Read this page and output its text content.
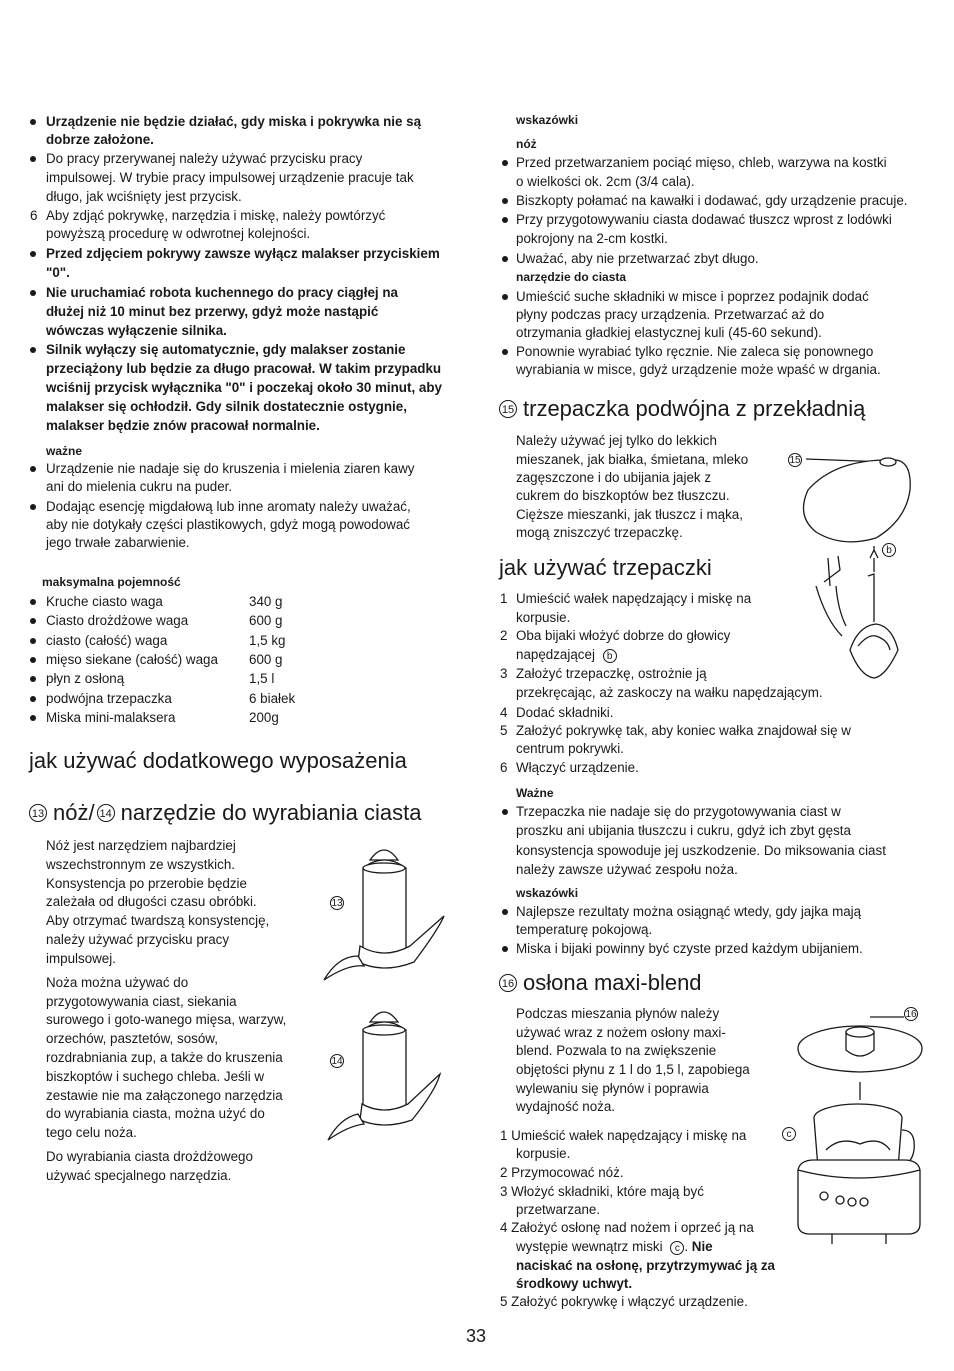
Urządzenie nie będzie działać, gdy miska i pokrywka nie są
dobrze założone.
Do pracy przerywanej należy używać przycisku pracy
impulsowej. W trybie pracy impulsowej urządzenie pracuje tak
długo, jak wciśnięty jest przycisk.
6 Aby zdjąć pokrywkę, narzędzia i miskę, należy powtórzyć
powyższą procedurę w odwrotnej kolejności.
Przed zdjęciem pokrywy zawsze wyłącz malakser przyciskiem
"0".
Nie uruchamiać robota kuchennego do pracy ciągłej na
dłużej niż 10 minut bez przerwy, gdyż może nastąpić
wówczas wyłączenie silnika.
Silnik wyłączy się automatycznie, gdy malakser zostanie
przeciążony lub będzie za długo pracował. W takim przypadku
wciśnij przycisk wyłącznika "0" i poczekaj około 30 minut, aby
malakser się ochłodził. Gdy silnik dostatecznie ostygnie,
malakser będzie znów pracował normalnie.
ważne
Urządzenie nie nadaje się do kruszenia i mielenia ziaren kawy
ani do mielenia cukru na puder.
Dodając esencję migdałową lub inne aromaty należy uważać,
aby nie dotykały części plastikowych, gdyż mogą powodować
jego trwałe zabarwienie.
maksymalna pojemność
Kruche ciasto waga	340 g
Ciasto drożdżowe waga	600 g
ciasto (całość) waga	1,5 kg
mięso siekane (całość) waga 600 g
płyn z osłoną	1,5 l
podwójna trzepaczka	6 białek
Miska mini-malaksera	200g
jak używać dodatkowego wyposażenia
13 nóż/ 14 narzędzie do wyrabiania ciasta
Nóż jest narzędziem najbardziej
wszechstronnym ze wszystkich.
Konsystencja po przerobie będzie
zależała od długości czasu obróbki.
Aby otrzymać twardszą konsystencję,
należy używać przycisku pracy
impulsowej.
Noża można używać do
przygotowywania ciast, siekania
surowego i goto-wanego mięsa, warzyw,
orzechów, pasztetów, sosów,
rozdrabniania zup, a także do kruszenia
biszkoptów i suchego chleba. Jeśli w
zestawie nie ma załączonego narzędzia
do wyrabiania ciasta, można użyć do
tego celu noża.
Do wyrabiania ciasta drożdżowego
używać specjalnego narzędzia.
13
14
wskazówki
nóż
Przed przetwarzaniem pociąć mięso, chleb, warzywa na kostki
o wielkości ok. 2cm (3/4 cala).
Biszkopty połamać na kawałki i dodawać, gdy urządzenie pracuje.
Przy przygotowywaniu ciasta dodawać tłuszcz wprost z lodówki
pokrojony na 2-cm kostki.
Uważać, aby nie przetwarzać zbyt długo.
narzędzie do ciasta
Umieścić suche składniki w misce i poprzez podajnik dodać
płyny podczas pracy urządzenia. Przetwarzać aż do
otrzymania gładkiej elastycznej kuli (45-60 sekund).
Ponownie wyrabiać tylko ręcznie. Nie zaleca się ponownego
wyrabiania w misce, gdyż urządzenie może wpaść w drgania.
15 trzepaczka podwójna z przekładnią
Należy używać jej tylko do lekkich
mieszanek, jak białka, śmietana, mleko
zagęszczone i do ubijania jajek z
cukrem do biszkoptów bez tłuszczu.
Cięższe mieszanki, jak tłuszcz i mąka,
mogą zniszczyć trzepaczkę.
jak używać trzepaczki
1 Umieścić wałek napędzający i miskę na
korpusie.
2 Oba bijaki włożyć dobrze do głowicy
napędzającej b
3 Założyć trzepaczkę, ostrożnie ją
przekręcając, aż zaskoczy na wałku napędzającym.
4 Dodać składniki.
5 Założyć pokrywkę tak, aby koniec wałka znajdował się w
centrum pokrywki.
6 Włączyć urządzenie.
Ważne
Trzepaczka nie nadaje się do przygotowywania ciast w
proszku ani ubijania tłuszczu i cukru, gdyż ich zbyt gęsta
konsystencja spowoduje jej uszkodzenie. Do miksowania ciast
należy zawsze używać zespołu noża.
wskazówki
Najlepsze rezultaty można osiągnąć wtedy, gdy jajka mają
temperaturę pokojową.
Miska i bijaki powinny być czyste przed każdym ubijaniem.
16 osłona maxi-blend
Podczas mieszania płynów należy
używać wraz z nożem osłony maxi-
blend. Pozwala to na zwiększenie
objętości płynu z 1 l do 1,5 l, zapobiega
wylewaniu się płynów i poprawia
wydajność noża.
1 Umieścić wałek napędzający i miskę na
korpusie.
2 Przymocować nóż.
3 Włożyć składniki, które mają być
przetwarzane.
4 Założyć osłonę nad nożem i oprzeć ją na
występie wewnątrz miski c . Nie
naciskać na osłonę, przytrzymywać ją za
środkowy uchwyt.
5 Założyć pokrywkę i włączyć urządzenie.
15
b
16
c
33
